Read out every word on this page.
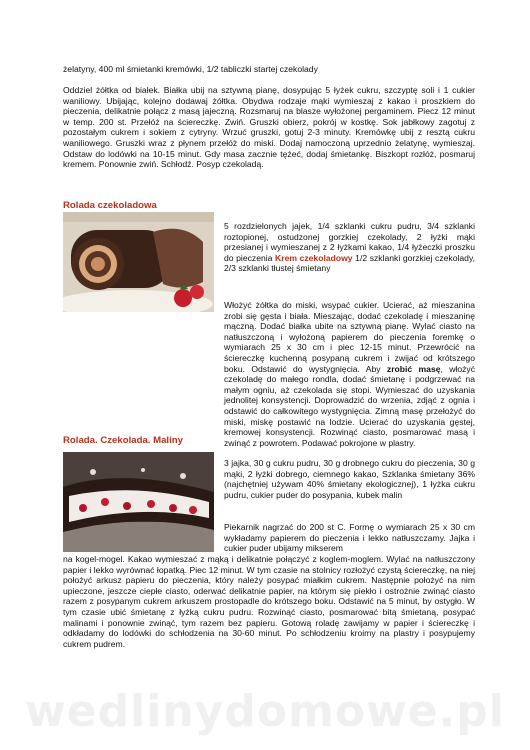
żelatyny, 400 ml śmietanki kremówki, 1/2 tabliczki startej czekolady

Oddziel żółtka od białek. Białka ubij na sztywną pianę, dosypując 5 łyżek cukru, szczyptę soli i 1 cukier waniliowy. Ubijając, kolejno dodawaj żółtka. Obydwa rodzaje mąki wymieszaj z kakao i proszkiem do pieczenia, delikatnie połącz z masą jajeczną. Rozsmaruj na blasze wyłożonej pergaminem. Piecz 12 minut w temp. 200 st. Przełóż na ściereczkę. Zwiń. Gruszki obierz, pokrój w kostkę. Sok jabłkowy zagotuj z pozostałym cukrem i sokiem z cytryny. Wrzuć gruszki, gotuj 2-3 minuty. Kremówkę ubij z resztą cukru waniliowego. Gruszki wraz z płynem przełóż do miski. Dodaj namoczoną uprzednio żelatynę, wymieszaj. Odstaw do lodówki na 10-15 minut. Gdy masa zacznie tężeć, dodaj śmietankę. Biszkopt rozłóż, posmaruj kremem. Ponownie zwiń. Schłodź. Posyp czekoladą.

Rolada czekoladowa

5 rozdzielonych jajek, 1/4 szklanki cukru pudru, 3/4 szklanki roztopionej, ostudzonej gorzkiej czekolady, 2 łyżki mąki przesianej i wymieszanej z 2 łyżkami kakao, 1/4 łyżeczki proszku do pieczenia Krem czekoladowy 1/2 szklanki gorzkiej czekolady, 2/3 szklanki tłustej śmietany

Włożyć żółtka do miski, wsypać cukier. Ucierać, aż mieszanina zrobi się gęsta i biała. Mieszając, dodać czekoladę i mieszaninę mączną. Dodać białka ubite na sztywną pianę. Wylać ciasto na natłuszczoną i wyłożoną papierem do pieczenia foremkę o wymiarach 25 x 30 cm i piec 12-15 minut. Przewrócić na ściereczkę kuchenną posypaną cukrem i zwijać od krótszego boku. Odstawić do wystygnięcia. Aby zrobić masę, włożyć czekoladę do małego rondla, dodać śmietanę i podgrzewać na małym ogniu, aż czekolada się stopi. Wymieszać do uzyskania jednolitej konsystencji. Doprowadzić do wrzenia, zdjąć z ognia i odstawić do całkowitego wystygnięcia. Zimną masę przełożyć do miski, miskę postawić na lodzie. Ucierać do uzyskania gęstej, kremowej konsystencji. Rozwinąć ciasto, posmarować masą i zwinąć z powrotem. Podawać pokrojone w plastry.

Rolada. Czekolada. Maliny

3 jajka, 30 g cukru pudru, 30 g drobnego cukru do pieczenia, 30 g mąki, 2 łyżki dobrego, ciemnego kakao, Szklanka śmietany 36% (najchętniej używam 40% śmietany ekologicznej), 1 łyżka cukru pudru, cukier puder do posypania, kubek malin

Piekarnik nagrzać do 200 st C. Formę o wymiarach 25 x 30 cm wykładamy papierem do pieczenia i lekko natłuszczamy. Jajka i cukier puder ubijamy mikserem

na kogel-mogel. Kakao wymieszać z mąką i delikatnie połączyć z koglem-moglem. Wylać na natłuszczony papier i lekko wyrównać łopatką. Piec 12 minut. W tym czasie na stolnicy rozłożyć czystą ściereczkę, na niej położyć arkusz papieru do pieczenia, który należy posypać miałkim cukrem. Następnie położyć na nim upieczone, jeszcze ciepłe ciasto, oderwać delikatnie papier, na którym się piekło i ostrożnie zwinąć ciasto razem z posypanym cukrem arkuszem prostopadle do krótszego boku. Odstawić na 5 minut, by ostygło. W tym czasie ubić śmietanę z łyżką cukru pudru. Rozwinąć ciasto, posmarować bitą śmietaną, posypać malinami i ponownie zwinąć, tym razem bez papieru. Gotową roladę zawijamy w papier i ściereczkę i odkładamy do lodówki do schłodzenia na 30-60 minut. Po schłodzeniu kroimy na plastry i posypujemy cukrem pudrem.

wedlinydomowe.pl
